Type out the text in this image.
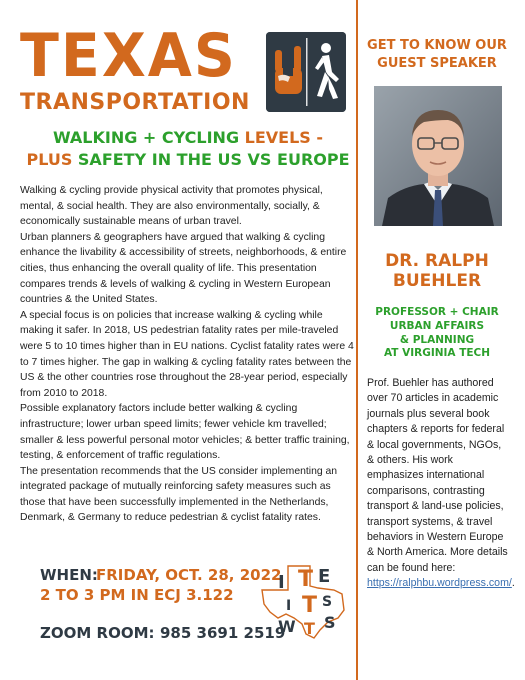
TEXAS
TRANSPORTATION
WALKING + CYCLING LEVELS -
PLUS SAFETY IN THE US VS EUROPE

Walking & cycling provide physical activity that promotes physical, mental, & social health. They are also environmentally, socially, & economically sustainable means of urban travel.

Urban planners & geographers have argued that walking & cycling enhance the livability & accessibility of streets, neighborhoods, & entire cities, thus enhancing the overall quality of life. This presentation compares trends & levels of walking & cycling in Western European countries & the United States.

A special focus is on policies that increase walking & cycling while making it safer. In 2018, US pedestrian fatality rates per mile-traveled were 5 to 10 times higher than in EU nations. Cyclist fatality rates were 4 to 7 times higher. The gap in walking & cycling fatality rates between the US & the other countries rose throughout the 28-year period, especially from 2010 to 2018.

Possible explanatory factors include better walking & cycling infrastructure; lower urban speed limits; fewer vehicle km travelled; smaller & less powerful personal motor vehicles; & better traffic training, testing, & enforcement of traffic regulations.

The presentation recommends that the US consider implementing an integrated package of mutually reinforcing safety measures such as those that have been successfully implemented in the Netherlands, Denmark, & Germany to reduce pedestrian & cyclist fatality rates.

WHEN:
FRIDAY, OCT. 28, 2022
2 TO 3 PM IN ECJ 3.122
ZOOM ROOM: 985 3691 2519
I T E
I T S
W T S
GET TO KNOW OUR
GUEST SPEAKER
DR. RALPH
BUEHLER
PROFESSOR + CHAIR
URBAN AFFAIRS
& PLANNING
AT VIRGINIA TECH
Prof. Buehler has authored over 70 articles in academic journals plus several book chapters & reports for federal & local governments, NGOs, & others. His work emphasizes international comparisons, contrasting transport & land-use policies, transport systems, & travel behaviors in Western Europe & North America. More details can be found here: https://ralphbu.wordpress.com/.
